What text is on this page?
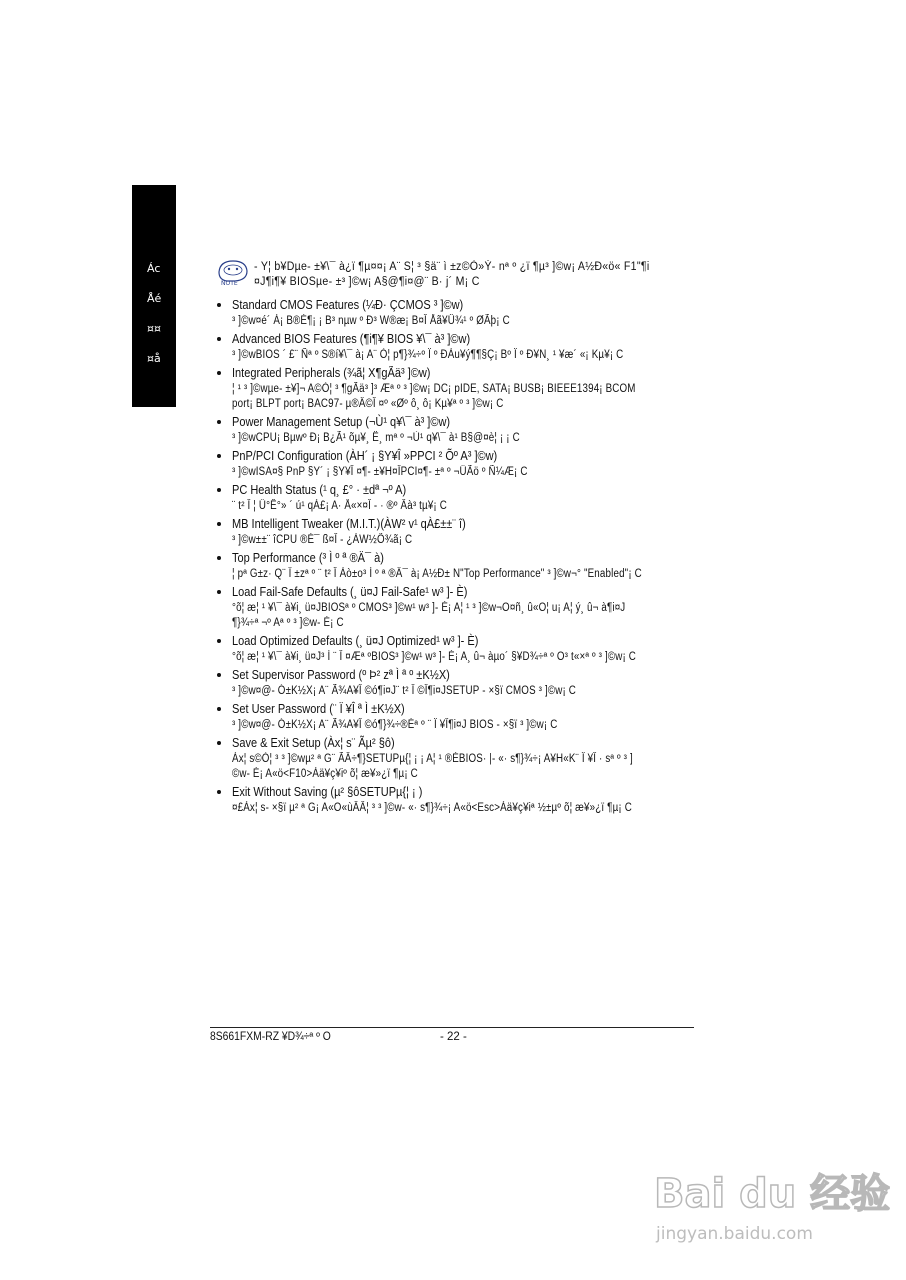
Ác
Åé
¤¤
¤å
NOTE
- Y¦ b¥Dµe- ±¥\¯ à¿ï ¶µ¤¤¡ A¨ S¦ ³ §ä¨ ì ±z©Ò»Ý- nª º ¿ï ¶µ³ ]©w¡ A½Ð«ö« F1"¶i
¤J¶i¶¥ BIOSµe- ±³ ]©w¡ A§@¶i¤@¨ B· j´ M¡ C
Standard CMOS Features (¼Ð· ÇCMOS ³ ]©w)
³ ]©w¤é´ Á¡ B®É¶¡ ¡ B³ nµw º Ð³ W®æ¡ B¤Î Åã¥Ü¾¹ º ØÃþ¡ C
Advanced BIOS Features (¶i¶¥ BIOS ¥\¯ à³ ]©w)
³ ]©wBIOS ´ £¨ Ñª º S®í¥\¯ à¡ A¨ Ò¦ p¶}¾÷º Ï º ÐÀu¥ý¶¶§Ç¡ Bº Ï º Ð¥N¸ ¹ ¥æ´ «¡ Kµ¥¡ C
Integrated Peripherals (¾ã¦ X¶gÃä³ ]©w)
¦ ¹ ³ ]©wµe- ±¥]¬ A©Ò¦ ³ ¶gÃä³ ]³ Æª º ³ ]©w¡ DC¡ pIDE, SATA¡ BUSB¡ BIEEE1394¡ BCOM
port¡ BLPT port¡ BAC97- µ®Ä©Î ¤º «Øº ô¸ ô¡ Kµ¥ª º ³ ]©w¡ C
Power Management Setup (¬Ù¹ q¥\¯ à³ ]©w)
³ ]©wCPU¡ Bµwº Ð¡ B¿Ã¹ õµ¥¸ Ë¸ mª º ¬Ù¹ q¥\¯ à¹ B§@¤è¦ ¡ ¡ C
PnP/PCI Configuration (ÀH´ ¡ §Y¥Î »PPCI ² Õº A³ ]©w)
³ ]©wISA¤§ PnP §Y´ ¡ §Y¥Î ¤¶- ±¥H¤ÎPCI¤¶- ±ª º ¬ÛÃö º Ñ¼Æ¡ C
PC Health Status (¹ q¸ £° · ±dª ¬º A)
¨ t² Î ¦ Û°Ê°» ´ ú¹ qÀ£¡ A· Å«×¤Î - · ®º Âà³ tµ¥¡ C
MB Intelligent Tweaker (M.I.T.)(ÀW² v¹ qÀ£±±¨ î)
³ ]©w±±¨ îCPU ®É¯ ß¤Î - ¿ÀW½Õ¾ã¡ C
Top Performance (³ Ì º ª ®Ä¯ à)
¦ pª G±z· Q¨ Ï ±zª º ¨ t² Î Àò±o³ Ì º ª ®Ä¯ à¡ A½Ð± N"Top Performance" ³ ]©w¬° "Enabled"¡ C
Load Fail-Safe Defaults (¸ ü¤J Fail-Safe¹ w³ ]- È)
°õ¦ æ¦ ¹ ¥\¯ à¥i¸ ü¤JBIOSª º CMOS³ ]©w¹ w³ ]- È¡ A¦ ¹ ³ ]©w¬O¤ñ¸ û«O¦ u¡ A¦ ý¸ û¬ à¶i¤J
¶}¾÷ª ¬º Aª º ³ ]©w- È¡ C
Load Optimized Defaults (¸ ü¤J Optimized¹ w³ ]- È)
°õ¦ æ¦ ¹ ¥\¯ à¥i¸ ü¤J³ Ì ¨ Î ¤Æª ºBIOS³ ]©w¹ w³ ]- È¡ A¸ û¬ àµo´ §¥D¾÷ª º O³ t«×ª º ³ ]©w¡ C
Set Supervisor Password (º Þ² zª Ì ª º ±K½X)
³ ]©w¤@- Ó±K½X¡ A¨ Ã¾A¥Î ©ó¶i¤J¨ t² Î ©Î¶i¤JSETUP - ×§ï CMOS ³ ]©w¡ C
Set User Password (¨ Ï ¥Î ª Ì ±K½X)
³ ]©w¤@- Ó±K½X¡ A¨ Ã¾A¥Î ©ó¶}¾÷®Éª º ¨ Ï ¥Î¶i¤J BIOS - ×§ï ³ ]©w¡ C
Save & Exit Setup (Àx¦ s¨ Ãµ² §ô)
Àx¦ s©Ò¦ ³ ³ ]©wµ² ª G¨ ÃÂ÷¶}SETUPµ{¦ ¡ ¡ A¦ ¹ ®ÉBIOS· |- «· s¶}¾÷¡ A¥H«K¨ Ï ¥Î · sª º ³ ]
©w- È¡ A«ö<F10>Àä¥ç¥iº õ¦ æ¥»¿ï ¶µ¡ C
Exit Without Saving (µ² §ôSETUPµ{¦ ¡ )
¤£Àx¦ s- ×§ï µ² ª G¡ A«O«ùÂÂ¦ ³ ³ ]©w- «· s¶}¾÷¡ A«ö<Esc>Àä¥ç¥iª ½±µº õ¦ æ¥»¿ï ¶µ¡ C
8S661FXM-RZ ¥D¾÷ª º O	- 22 -
Bai du 经验
jingyan.baidu.com
